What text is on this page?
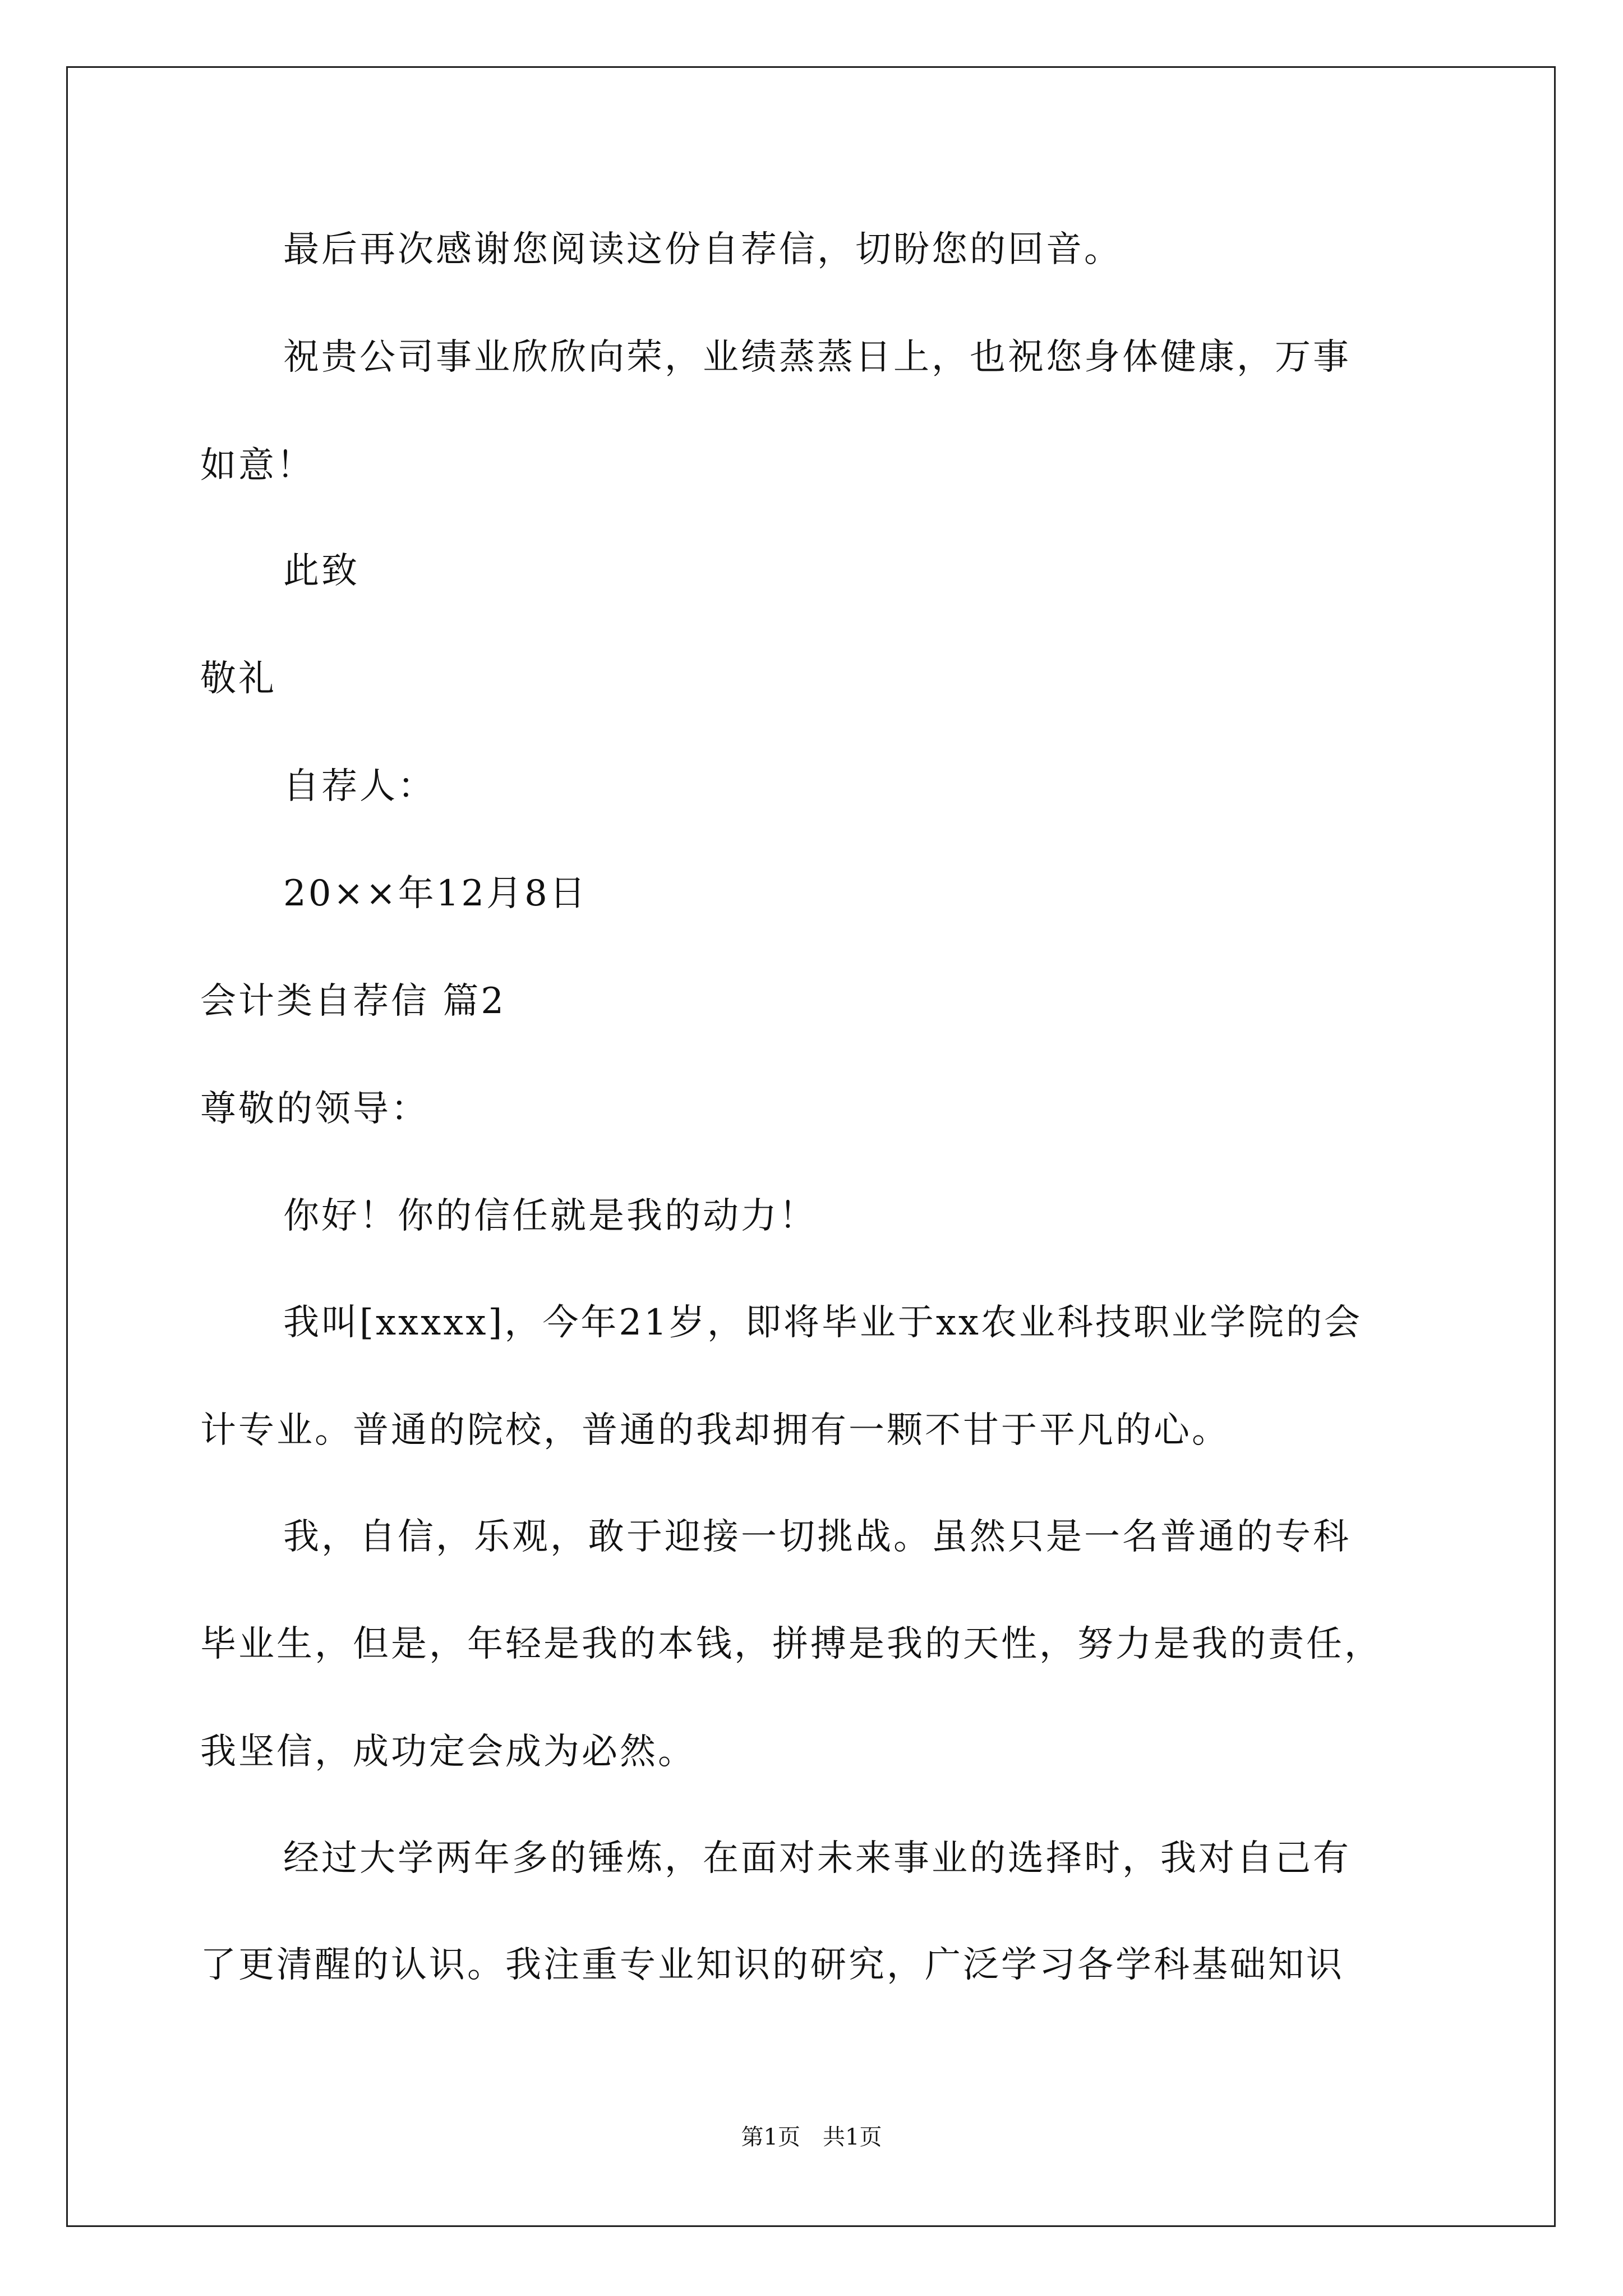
最后再次感谢您阅读这份自荐信，切盼您的回音。
祝贵公司事业欣欣向荣，业绩蒸蒸日上，也祝您身体健康，万事
如意！
此致
敬礼
自荐人：
20××年12月8日
会计类自荐信 篇2
尊敬的领导：
你好！你的信任就是我的动力！
我叫[xxxxx]，今年21岁，即将毕业于xx农业科技职业学院的会
计专业。普通的院校，普通的我却拥有一颗不甘于平凡的心。
我，自信，乐观，敢于迎接一切挑战。虽然只是一名普通的专科
毕业生，但是，年轻是我的本钱，拼搏是我的天性，努力是我的责任，
我坚信，成功定会成为必然。
经过大学两年多的锤炼，在面对未来事业的选择时，我对自己有
了更清醒的认识。我注重专业知识的研究，广泛学习各学科基础知识
第1页　共1页
